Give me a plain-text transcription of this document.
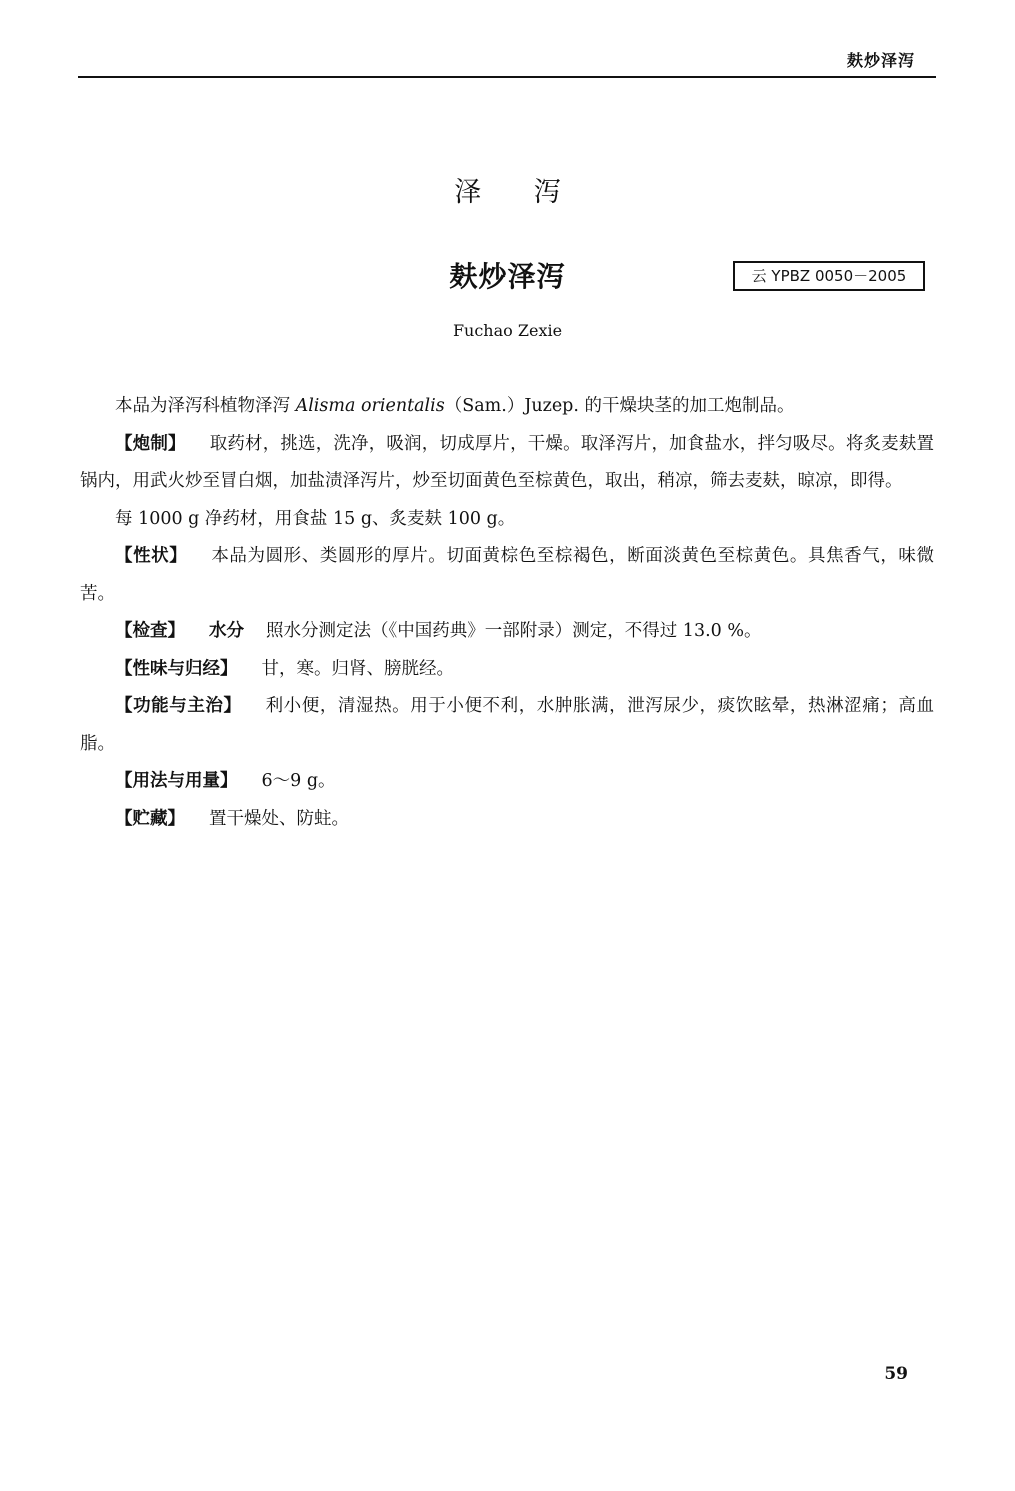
麸炒泽泻
泽 泻
麸炒泽泻	云 YPBZ 0050－2005
Fuchao Zexie

本品为泽泻科植物泽泻 Alisma orientalis（Sam.）Juzep. 的干燥块茎的加工炮制品。

【炮制】 取药材，挑选，洗净，吸润，切成厚片，干燥。取泽泻片，加食盐水，拌匀吸尽。将炙麦麸置锅内，用武火炒至冒白烟，加盐渍泽泻片，炒至切面黄色至棕黄色，取出，稍凉，筛去麦麸，晾凉，即得。

每 1000 g 净药材，用食盐 15 g、炙麦麸 100 g。

【性状】 本品为圆形、类圆形的厚片。切面黄棕色至棕褐色，断面淡黄色至棕黄色。具焦香气，味微苦。

【检查】 水分 照水分测定法（《中国药典》一部附录）测定，不得过 13.0 %。

【性味与归经】 甘，寒。归肾、膀胱经。

【功能与主治】 利小便，清湿热。用于小便不利，水肿胀满，泄泻尿少，痰饮眩晕，热淋涩痛；高血脂。

【用法与用量】 6～9 g。

【贮藏】 置干燥处、防蛀。

59
